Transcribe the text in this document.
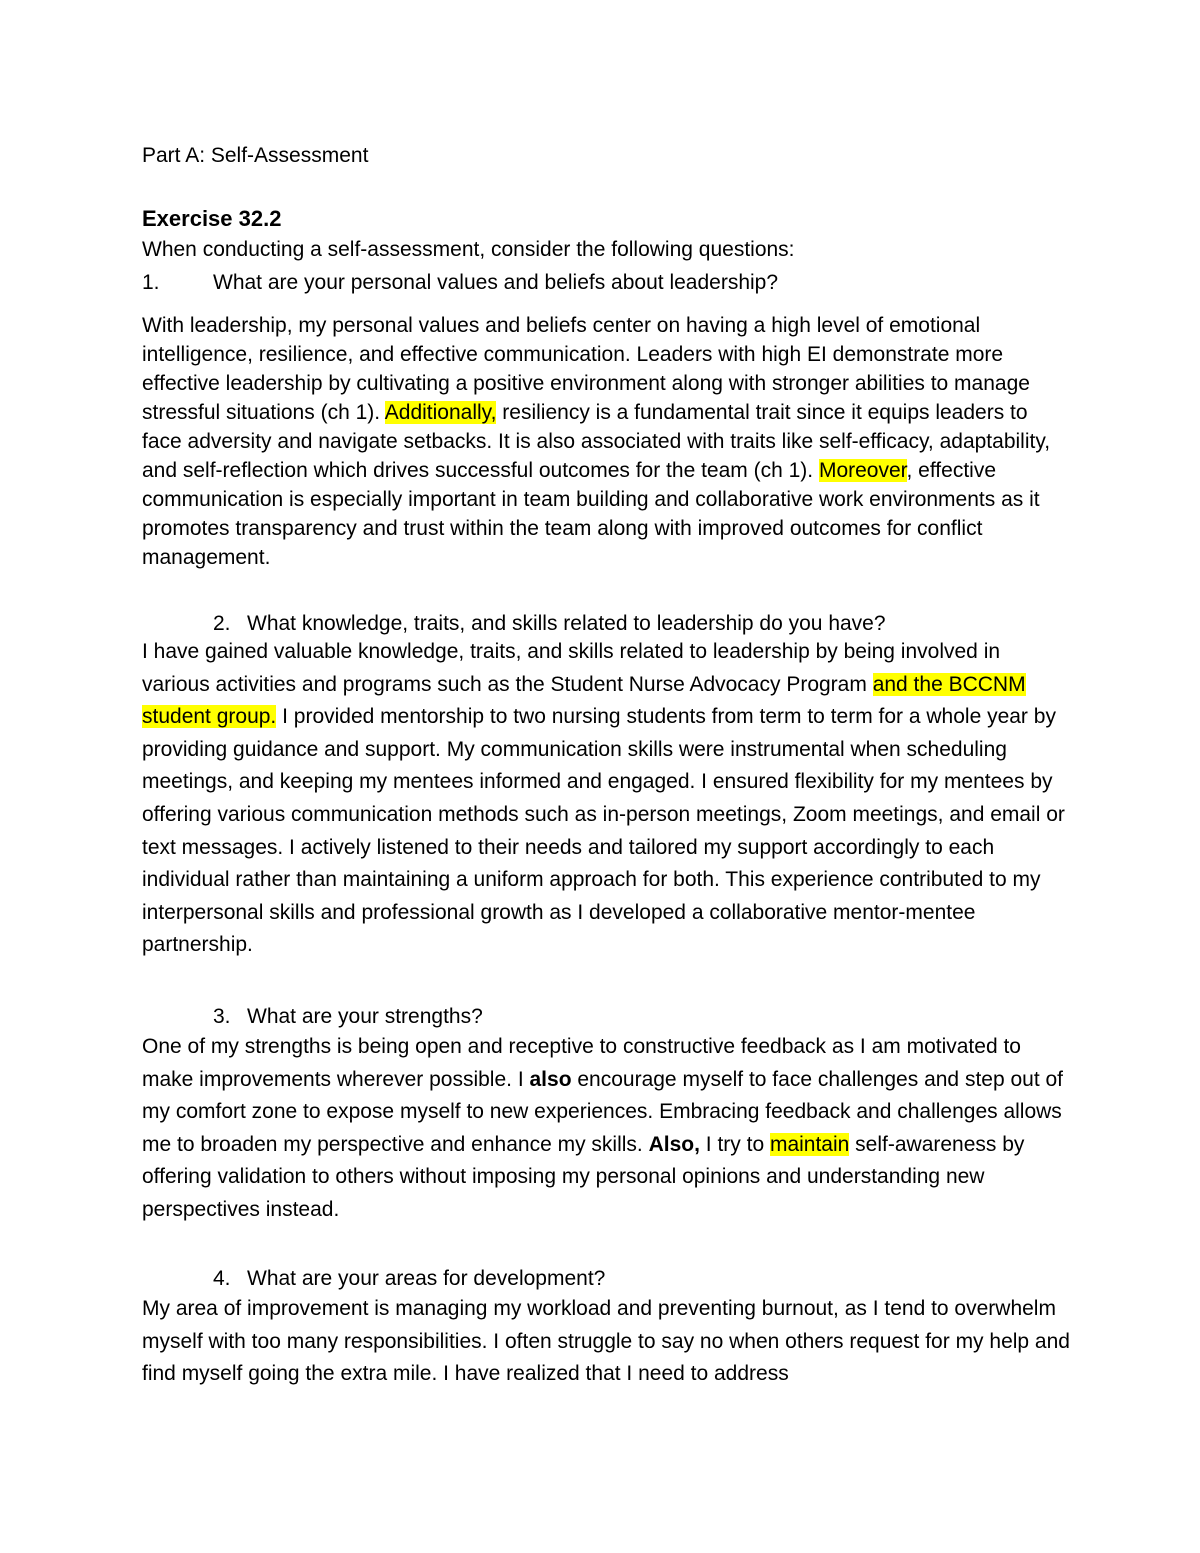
Part A: Self-Assessment
Exercise 32.2

When conducting a self-assessment, consider the following questions:

1.	What are your personal values and beliefs about leadership?

With leadership, my personal values and beliefs center on having a high level of emotional intelligence, resilience, and effective communication. Leaders with high EI demonstrate more effective leadership by cultivating a positive environment along with stronger abilities to manage stressful situations (ch 1). Additionally, resiliency is a fundamental trait since it equips leaders to face adversity and navigate setbacks. It is also associated with traits like self-efficacy, adaptability, and self-reflection which drives successful outcomes for the team (ch 1). Moreover, effective communication is especially important in team building and collaborative work environments as it promotes transparency and trust within the team along with improved outcomes for conflict management.

2. What knowledge, traits, and skills related to leadership do you have?

I have gained valuable knowledge, traits, and skills related to leadership by being involved in various activities and programs such as the Student Nurse Advocacy Program and the BCCNM student group. I provided mentorship to two nursing students from term to term for a whole year by providing guidance and support. My communication skills were instrumental when scheduling meetings, and keeping my mentees informed and engaged. I ensured flexibility for my mentees by offering various communication methods such as in-person meetings, Zoom meetings, and email or text messages. I actively listened to their needs and tailored my support accordingly to each individual rather than maintaining a uniform approach for both. This experience contributed to my interpersonal skills and professional growth as I developed a collaborative mentor-mentee partnership.

3. What are your strengths?

One of my strengths is being open and receptive to constructive feedback as I am motivated to make improvements wherever possible. I also encourage myself to face challenges and step out of my comfort zone to expose myself to new experiences. Embracing feedback and challenges allows me to broaden my perspective and enhance my skills. Also, I try to maintain self-awareness by offering validation to others without imposing my personal opinions and understanding new perspectives instead.

4. What are your areas for development?

My area of improvement is managing my workload and preventing burnout, as I tend to overwhelm myself with too many responsibilities. I often struggle to say no when others request for my help and find myself going the extra mile. I have realized that I need to address
